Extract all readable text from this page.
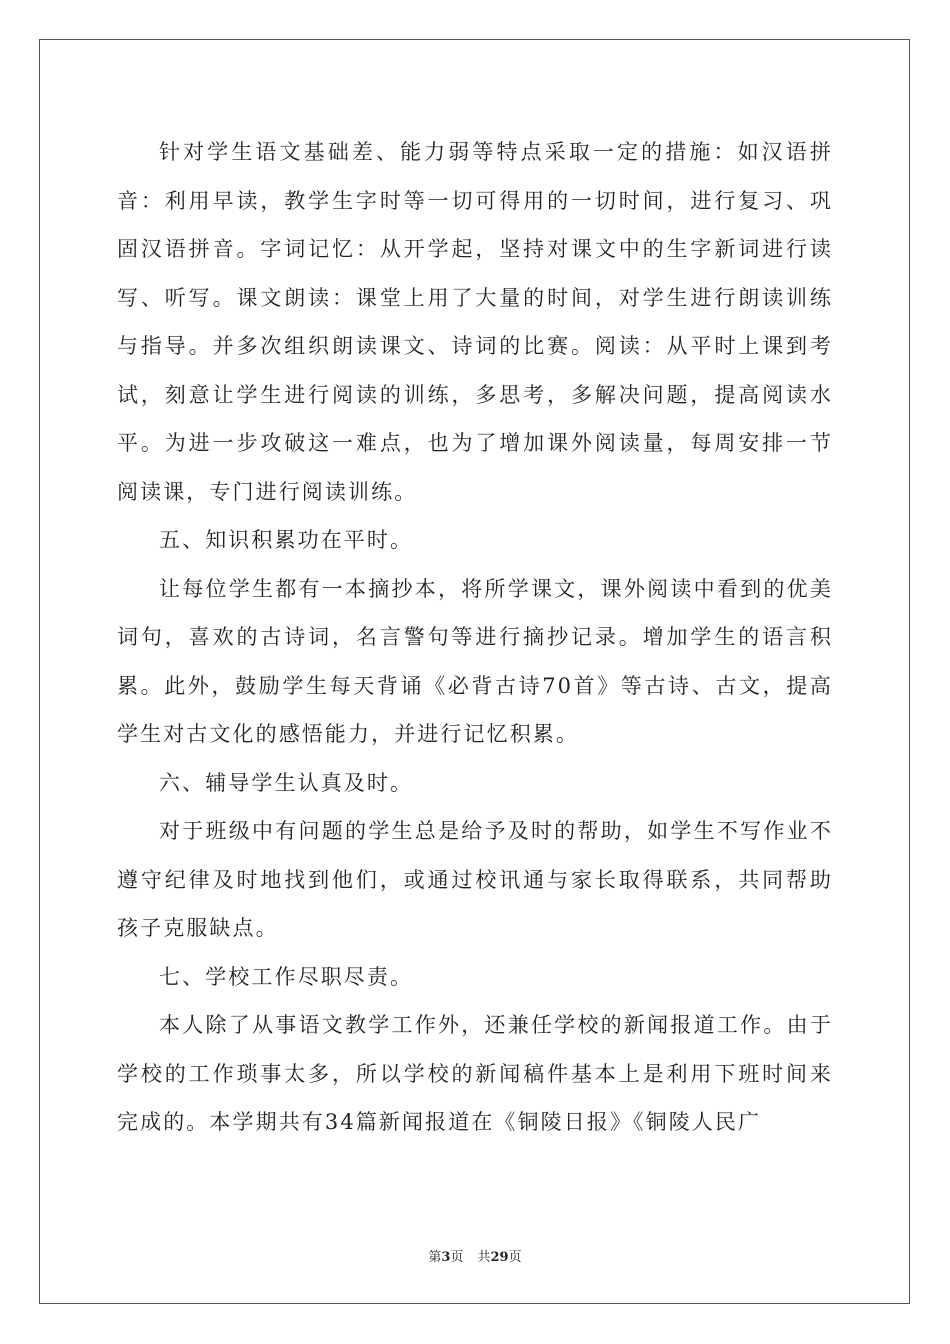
针对学生语文基础差、能力弱等特点采取一定的措施：如汉语拼音：利用早读，教学生字时等一切可得用的一切时间，进行复习、巩固汉语拼音。字词记忆：从开学起，坚持对课文中的生字新词进行读写、听写。课文朗读：课堂上用了大量的时间，对学生进行朗读训练与指导。并多次组织朗读课文、诗词的比赛。阅读：从平时上课到考试，刻意让学生进行阅读的训练，多思考，多解决问题，提高阅读水平。为进一步攻破这一难点，也为了增加课外阅读量，每周安排一节阅读课，专门进行阅读训练。

五、知识积累功在平时。

让每位学生都有一本摘抄本，将所学课文，课外阅读中看到的优美词句，喜欢的古诗词，名言警句等进行摘抄记录。增加学生的语言积累。此外，鼓励学生每天背诵《必背古诗70首》等古诗、古文，提高学生对古文化的感悟能力，并进行记忆积累。

六、辅导学生认真及时。

对于班级中有问题的学生总是给予及时的帮助，如学生不写作业不遵守纪律及时地找到他们，或通过校讯通与家长取得联系，共同帮助孩子克服缺点。

七、学校工作尽职尽责。

本人除了从事语文教学工作外，还兼任学校的新闻报道工作。由于学校的工作琐事太多，所以学校的新闻稿件基本上是利用下班时间来完成的。本学期共有34篇新闻报道在《铜陵日报》《铜陵人民广

第3页 共29页
